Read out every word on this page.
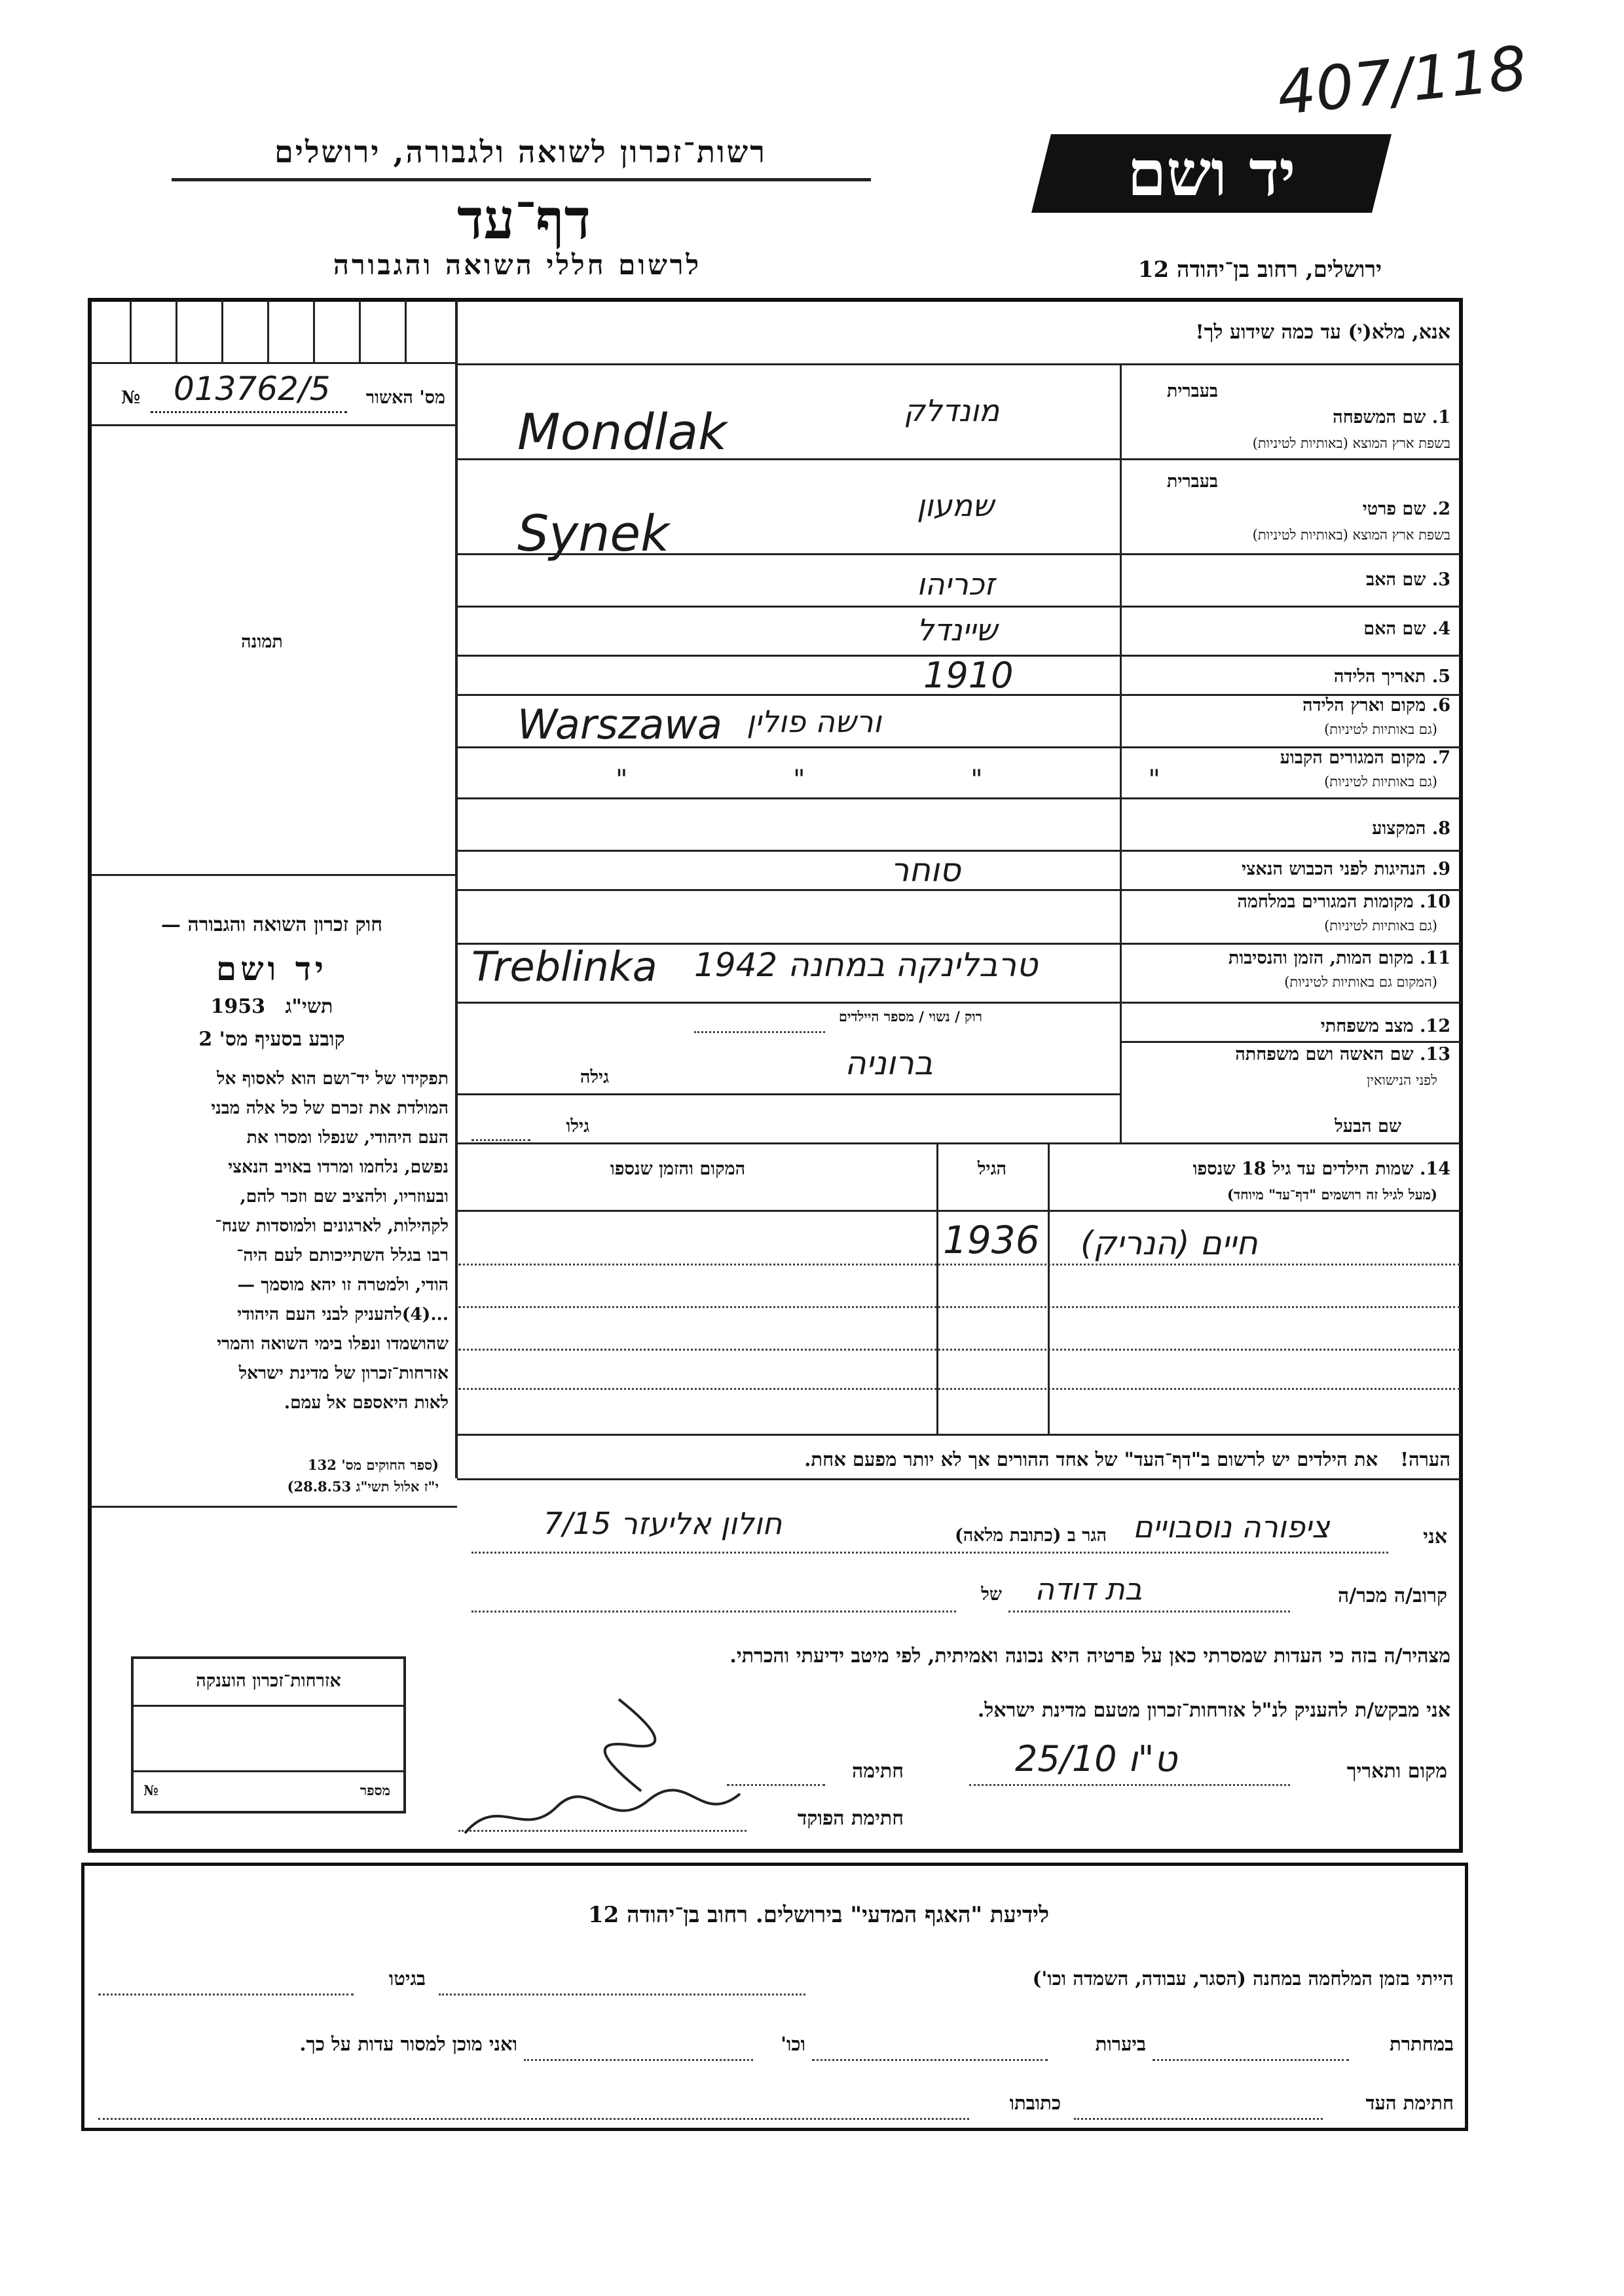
407/118
רשות־זכרון לשואה ולגבורה, ירושלים
דף־עד
לרשום חללי השואה והגבורה
יד ושם
ירושלים, רחוב בן־יהודה 12
אנא, מלא(י) עד כמה שידוע לך!
מס' האשור
013762/5
№
תמונה
חוק זכרון השואה והגבורה —
יד ושם
תשי"ג 1953
קובע בסעיף מס' 2
תפקידו של יד־ושם הוא לאסוף אל
המולדת את זכרם של כל אלה מבני
העם היהודי, שנפלו ומסרו את
נפשם, נלחמו ומרדו באויב הנאצי
ובעוזריו, ולהציב שם וזכר להם,
לקהילות, לארגונים ולמוסדות שנח־
רבו בגלל השתייכותם לעם היה־
הודי, ולמטרה זו יהא מוסמך —
...(4)להעניק לבני העם היהודי
שהושמדו ונפלו בימי השואה והמרי
אזרחות־זכרון של מדינת ישראל
לאות היאספם אל עמם.
(ספר החוקים מס' 132
י"ז אלול תשי"ג 28.8.53)
אזרחות־זכרון הוענקה
מספר
№
בעברית
1. שם המשפחה
בשפת ארץ המוצא (באותיות לטיניות)
מונדלק
Mondlak
בעברית
2. שם פרטי
בשפת ארץ המוצא (באותיות לטיניות)
שמעון
Synek
3. שם האב
זכריהו
4. שם האם
שיינדל
5. תאריך הלידה
1910
6. מקום וארץ הלידה
(גם באותיות לטיניות)
ורשה פולין
Warszawa
7. מקום המגורים הקבוע
(גם באותיות לטיניות)
" " " "
8. המקצוע
9. הנהיגות לפני הכבוש הנאצי
סוחר
10. מקומות המגורים במלחמה
(גם באותיות לטיניות)
11. מקום המות, הזמן והנסיבות
(המקום גם באותיות לטיניות)
טרבלינקה במחנה 1942
Treblinka
רוק / נשוי / מספר היילדים	12. מצב משפחתי
13. שם האשה ושם משפחתה
לפני הנישואין
ברוניה
גילה
שם הבעל
גילו
14. שמות הילדים עד גיל 18 שנספו
(מעל לגיל זה רושמים "דף־עד" מיוחד)
הגיל
המקום והזמן שנספו
חיים (הנריק)
1936
הערה! את הילדים יש לרשום ב"דף־העד" של אחד ההורים אך לא יותר מפעם אחת.
אני
ציפורה נוסבויים
הגר ב (כתובת מלאה)
חולון אליעזר 7/15
קרוב/ה מכר/ה
בת דודה
של
מצהיר/ה בזה כי העדות שמסרתי כאן על פרטיה היא נכונה ואמיתית, לפי מיטב ידיעתי והכרתי.
אני מבקש/ת להעניק לנ"ל אזרחות־זכרון מטעם מדינת ישראל.
מקום ותאריך
ט"ו 25/10
חתימה
חתימת הפוקד
לידיעת "האגף המדעי" בירושלים. רחוב בן־יהודה 12
הייתי בזמן המלחמה במחנה (הסגר, עבודה, השמדה וכו')
בגיטו
במחתרת
ביערות
וכו'
ואני מוכן למסור עדות על כך.
חתימת העד
כתובתו
